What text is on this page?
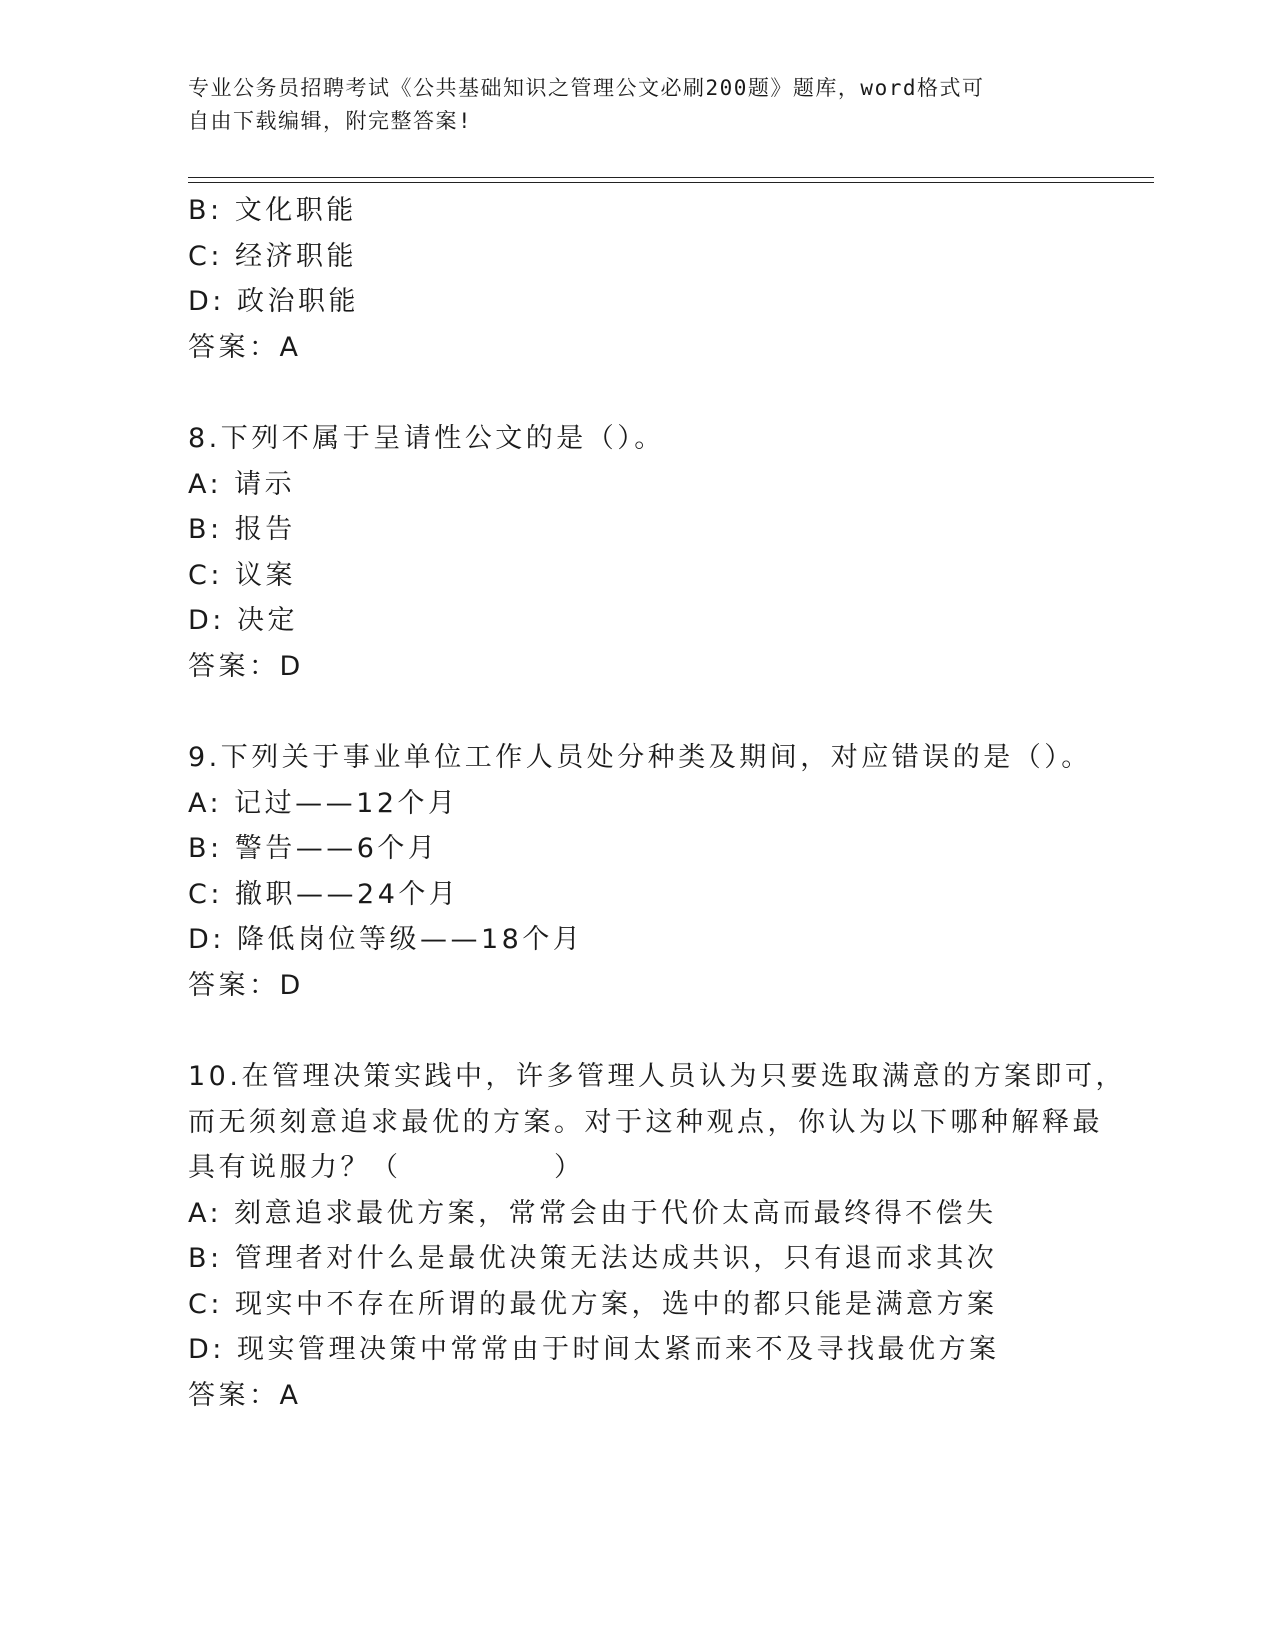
专业公务员招聘考试《公共基础知识之管理公文必刷200题》题库，word格式可
自由下载编辑，附完整答案!
B: 文化职能
C: 经济职能
D: 政治职能
答案：A
8.下列不属于呈请性公文的是（）。
A: 请示
B: 报告
C: 议案
D: 决定
答案：D
9.下列关于事业单位工作人员处分种类及期间，对应错误的是（）。
A: 记过——12个月
B: 警告——6个月
C: 撤职——24个月
D: 降低岗位等级——18个月
答案：D
10.在管理决策实践中，许多管理人员认为只要选取满意的方案即可，
而无须刻意追求最优的方案。对于这种观点，你认为以下哪种解释最
具有说服力？（　　　　　）
A: 刻意追求最优方案，常常会由于代价太高而最终得不偿失
B: 管理者对什么是最优决策无法达成共识，只有退而求其次
C: 现实中不存在所谓的最优方案，选中的都只能是满意方案
D: 现实管理决策中常常由于时间太紧而来不及寻找最优方案
答案：A
